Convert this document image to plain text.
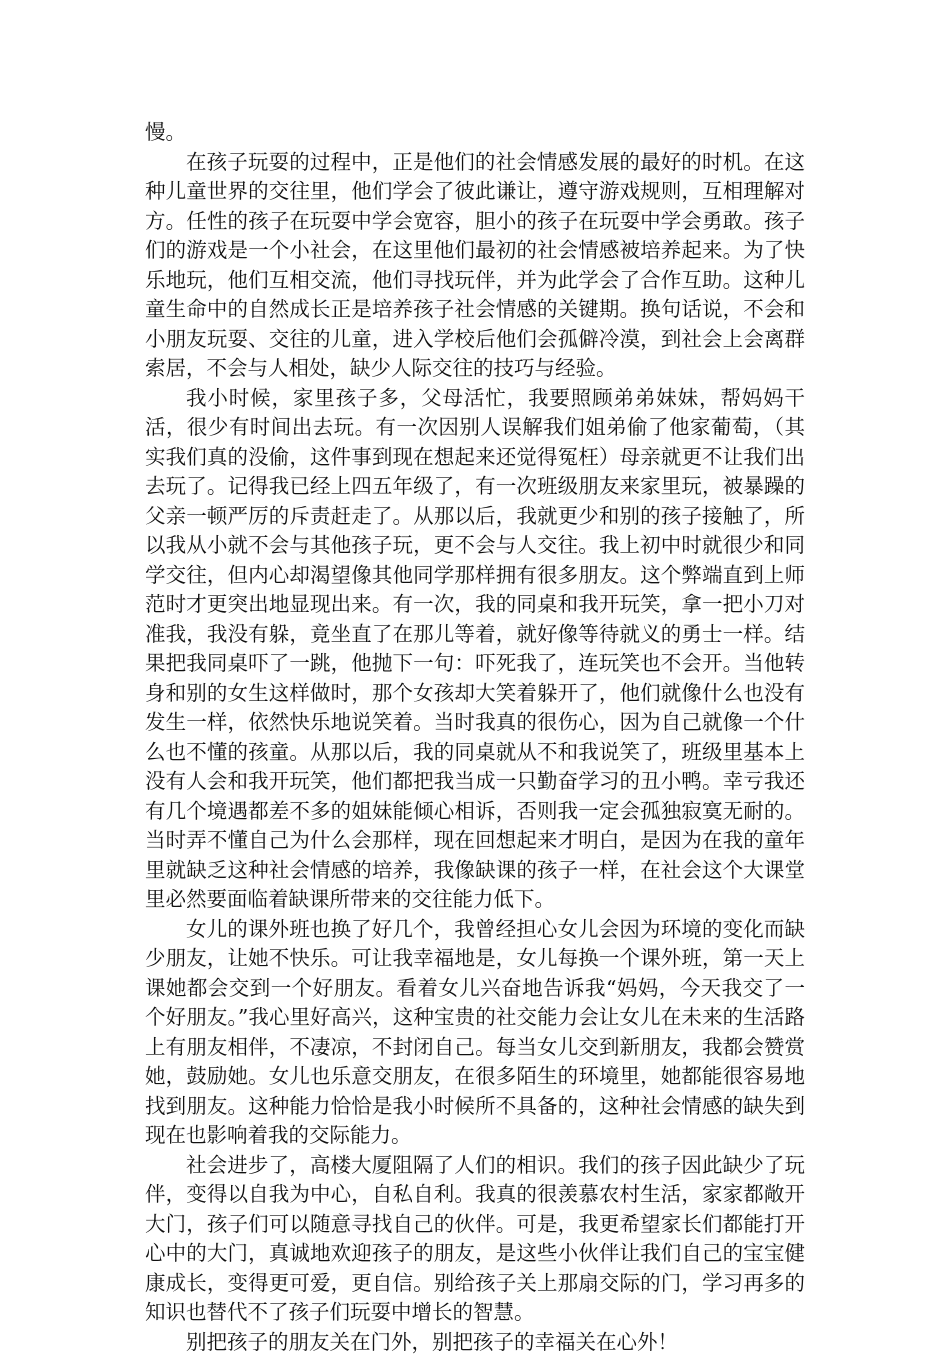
慢。

在孩子玩耍的过程中，正是他们的社会情感发展的最好的时机。在这种儿童世界的交往里，他们学会了彼此谦让，遵守游戏规则，互相理解对方。任性的孩子在玩耍中学会宽容，胆小的孩子在玩耍中学会勇敢。孩子们的游戏是一个小社会，在这里他们最初的社会情感被培养起来。为了快乐地玩，他们互相交流，他们寻找玩伴，并为此学会了合作互助。这种儿童生命中的自然成长正是培养孩子社会情感的关键期。换句话说，不会和小朋友玩耍、交往的儿童，进入学校后他们会孤僻冷漠，到社会上会离群索居，不会与人相处，缺少人际交往的技巧与经验。

我小时候，家里孩子多，父母活忙，我要照顾弟弟妹妹，帮妈妈干活，很少有时间出去玩。有一次因别人误解我们姐弟偷了他家葡萄，（其实我们真的没偷，这件事到现在想起来还觉得冤枉）母亲就更不让我们出去玩了。记得我已经上四五年级了，有一次班级朋友来家里玩，被暴躁的父亲一顿严厉的斥责赶走了。从那以后，我就更少和别的孩子接触了，所以我从小就不会与其他孩子玩，更不会与人交往。我上初中时就很少和同学交往，但内心却渴望像其他同学那样拥有很多朋友。这个弊端直到上师范时才更突出地显现出来。有一次，我的同桌和我开玩笑，拿一把小刀对准我，我没有躲，竟坐直了在那儿等着，就好像等待就义的勇士一样。结果把我同桌吓了一跳，他抛下一句：吓死我了，连玩笑也不会开。当他转身和别的女生这样做时，那个女孩却大笑着躲开了，他们就像什么也没有发生一样，依然快乐地说笑着。当时我真的很伤心，因为自己就像一个什么也不懂的孩童。从那以后，我的同桌就从不和我说笑了，班级里基本上没有人会和我开玩笑，他们都把我当成一只勤奋学习的丑小鸭。幸亏我还有几个境遇都差不多的姐妹能倾心相诉，否则我一定会孤独寂寞无耐的。当时弄不懂自己为什么会那样，现在回想起来才明白，是因为在我的童年里就缺乏这种社会情感的培养，我像缺课的孩子一样，在社会这个大课堂里必然要面临着缺课所带来的交往能力低下。

女儿的课外班也换了好几个，我曾经担心女儿会因为环境的变化而缺少朋友，让她不快乐。可让我幸福地是，女儿每换一个课外班，第一天上课她都会交到一个好朋友。看着女儿兴奋地告诉我“妈妈，今天我交了一个好朋友。”我心里好高兴，这种宝贵的社交能力会让女儿在未来的生活路上有朋友相伴，不凄凉，不封闭自己。每当女儿交到新朋友，我都会赞赏她，鼓励她。女儿也乐意交朋友，在很多陌生的环境里，她都能很容易地找到朋友。这种能力恰恰是我小时候所不具备的，这种社会情感的缺失到现在也影响着我的交际能力。

社会进步了，高楼大厦阻隔了人们的相识。我们的孩子因此缺少了玩伴，变得以自我为中心，自私自利。我真的很羡慕农村生活，家家都敞开大门，孩子们可以随意寻找自己的伙伴。可是，我更希望家长们都能打开心中的大门，真诚地欢迎孩子的朋友，是这些小伙伴让我们自己的宝宝健康成长，变得更可爱，更自信。别给孩子关上那扇交际的门，学习再多的知识也替代不了孩子们玩耍中增长的智慧。

别把孩子的朋友关在门外，别把孩子的幸福关在心外！
